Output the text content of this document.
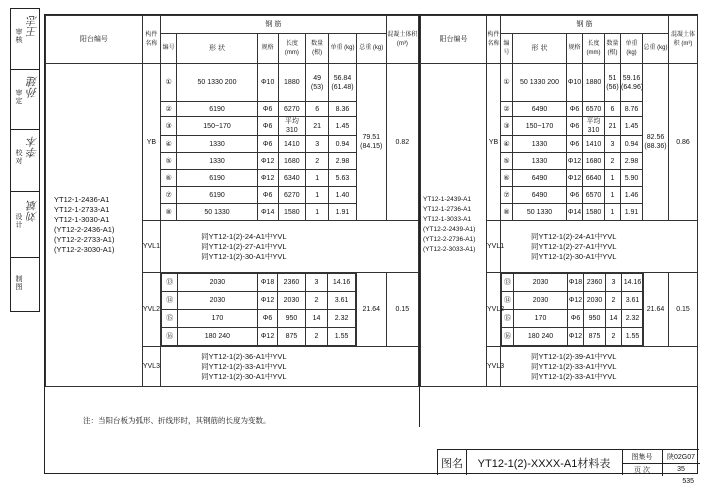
审核
王志
审定
孙建
校对
李本
设计
刘斌
制图
阳台编号	构件名称	钢 筋	混凝土体积 (m³)
编号	形 状	规格	长度 (mm)	数量 (根)	单重 (kg)	总重 (kg)

YT12-1-2436-A1
YT12-1-2733-A1
YT12-1-3030-A1
(YT12-2-2436-A1)
(YT12-2-2733-A1)
(YT12-2-3030-A1)
	YB	①	50 1330 200	Φ10	1880	49 (53)	56.84 (61.48)	79.51 (84.15)	0.82
②	6190	Φ6	6270	6	8.36
③	150~170	Φ6	平均 310	21	1.45
④	1330	Φ6	1410	3	0.94
⑤	1330	Φ12	1680	2	2.98
⑥	6190	Φ12	6340	1	5.63
⑦	6190	Φ6	6270	1	1.40
⑧	50 1330	Φ14	1580	1	1.91
YVL1	
同YT12-1(2)-24-A1中YVL
同YT12-1(2)-27-A1中YVL
同YT12-1(2)-30-A1中YVL

YVL2	
⑬	2030	Φ18	2360	3	14.16
⑭	2030	Φ12	2030	2	3.61
⑮	170	Φ6	950	14	2.32
⑯	180 240	Φ12	875	2	1.55
	21.64	0.15
YVL3	
同YT12-1(2)-36-A1中YVL
同YT12-1(2)-33-A1中YVL
同YT12-1(2)-30-A1中YVL
阳台编号	构件名称	钢 筋	混凝土体积 (m³)
编号	形 状	规格	长度 (mm)	数量 (根)	单重 (kg)	总重 (kg)

YT12-1-2439-A1
YT12-1-2736-A1
YT12-1-3033-A1
(YT12-2-2439-A1)
(YT12-2-2736-A1)
(YT12-2-3033-A1)
	YB	①	50 1330 200	Φ10	1880	51 (56)	59.16 (64.96)	82.56 (88.36)	0.86
②	6490	Φ6	6570	6	8.76
③	150~170	Φ6	平均 310	21	1.45
④	1330	Φ6	1410	3	0.94
⑤	1330	Φ12	1680	2	2.98
⑥	6490	Φ12	6640	1	5.90
⑦	6490	Φ6	6570	1	1.46
⑧	50 1330	Φ14	1580	1	1.91
YVL1	
同YT12-1(2)-24-A1中YVL
同YT12-1(2)-27-A1中YVL
同YT12-1(2)-30-A1中YVL

YVL2	
⑬	2030	Φ18	2360	3	14.16
⑭	2030	Φ12	2030	2	3.61
⑮	170	Φ6	950	14	2.32
⑯	180 240	Φ12	875	2	1.55
	21.64	0.15
YVL3	
同YT12-1(2)-39-A1中YVL
同YT12-1(2)-33-A1中YVL
同YT12-1(2)-33-A1中YVL
注：当阳台板为弧形、折线形时，其钢筋的长度为变数。
图名	YT12-1(2)-XXXX-A1材料表
图集号	陕02G07
页 次	35
535
